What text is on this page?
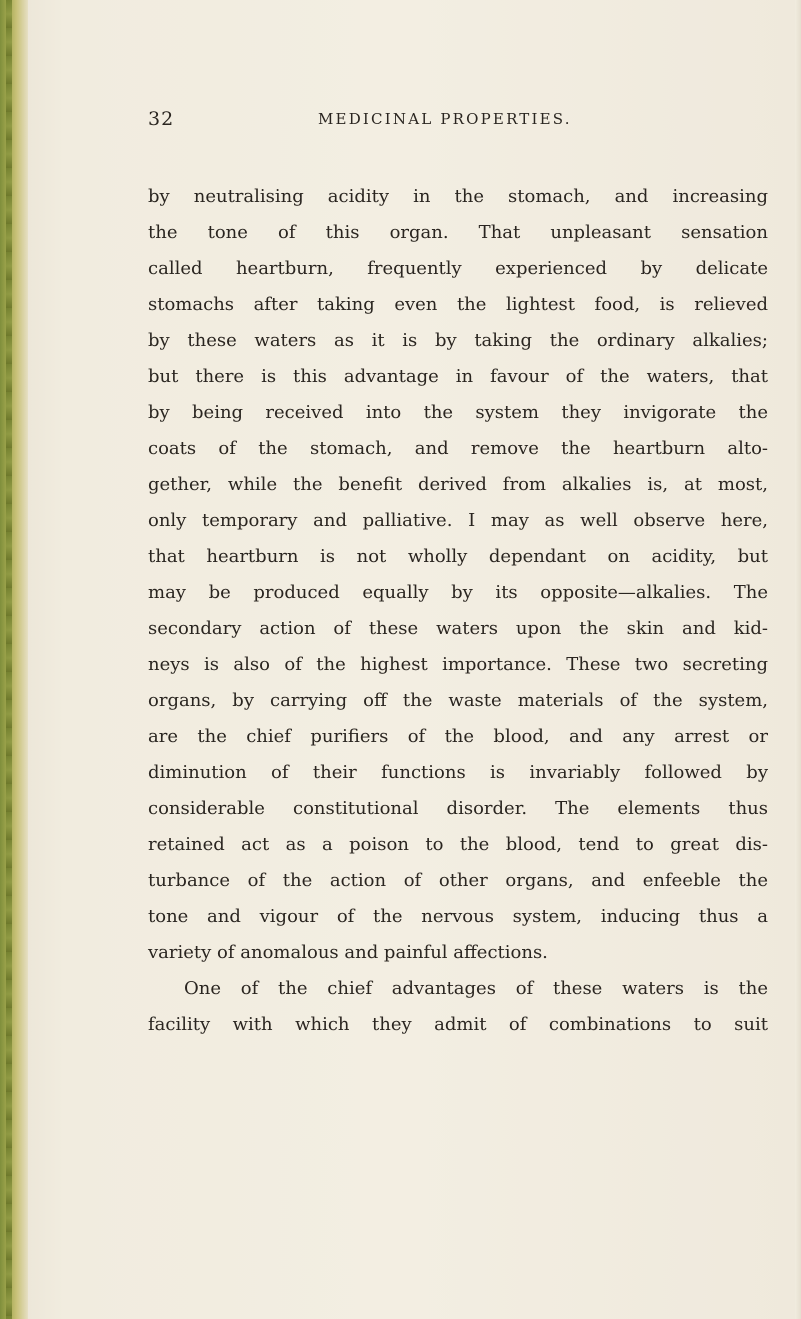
32	MEDICINAL PROPERTIES.
by neutralising acidity in the stomach, and increasing
the tone of this organ. That unpleasant sensation
called heartburn, frequently experienced by delicate
stomachs after taking even the lightest food, is relieved
by these waters as it is by taking the ordinary alkalies;
but there is this advantage in favour of the waters, that
by being received into the system they invigorate the
coats of the stomach, and remove the heartburn alto-
gether, while the benefit derived from alkalies is, at most,
only temporary and palliative. I may as well observe here,
that heartburn is not wholly dependant on acidity, but
may be produced equally by its opposite—alkalies. The
secondary action of these waters upon the skin and kid-
neys is also of the highest importance. These two secreting
organs, by carrying off the waste materials of the system,
are the chief purifiers of the blood, and any arrest or
diminution of their functions is invariably followed by
considerable constitutional disorder. The elements thus
retained act as a poison to the blood, tend to great dis-
turbance of the action of other organs, and enfeeble the
tone and vigour of the nervous system, inducing thus a
variety of anomalous and painful affections.
One of the chief advantages of these waters is the
facility with which they admit of combinations to suit
